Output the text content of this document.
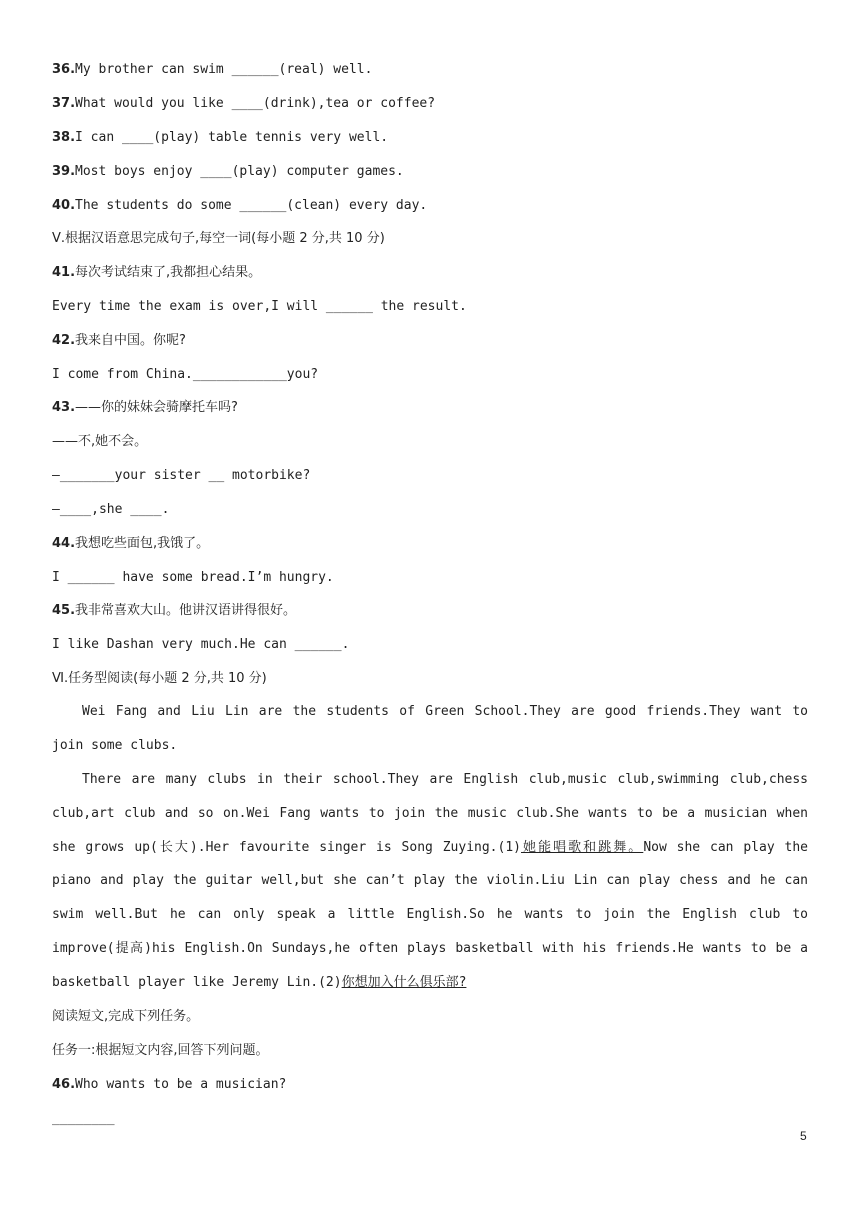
36.My brother can swim ______(real) well.
37.What would you like ____(drink),tea or coffee?
38.I can ____(play) table tennis very well.
39.Most boys enjoy ____(play) computer games.
40.The students do some ______(clean) every day.
Ⅴ.根据汉语意思完成句子,每空一词(每小题 2 分,共 10 分)
41.每次考试结束了,我都担心结果。
Every time the exam is over,I will ______ the result.
42.我来自中国。你呢?
I come from China.____________you?
43.——你的妹妹会骑摩托车吗?
——不,她不会。
—_______your sister __ motorbike?
—____,she ____.
44.我想吃些面包,我饿了。
I ______ have some bread.I’m hungry.
45.我非常喜欢大山。他讲汉语讲得很好。
I like Dashan very much.He can ______.
Ⅵ.任务型阅读(每小题 2 分,共 10 分)
Wei Fang and Liu Lin are the students of Green School.They are good friends.They want to join some clubs.
There are many clubs in their school.They are English club,music club,swimming club,chess club,art club and so on.Wei Fang wants to join the music club.She wants to be a musician when she grows up(长大).Her favourite singer is Song Zuying.(1)她能唱歌和跳舞。Now she can play the piano and play the guitar well,but she can’t play the violin.Liu Lin can play chess and he can swim well.But he can only speak a little English.So he wants to join the English club to improve(提高)his English.On Sundays,he often plays basketball with his friends.He wants to be a basketball player like Jeremy Lin.(2)你想加入什么俱乐部?
阅读短文,完成下列任务。
任务一:根据短文内容,回答下列问题。
46.Who wants to be a musician?
________
5
